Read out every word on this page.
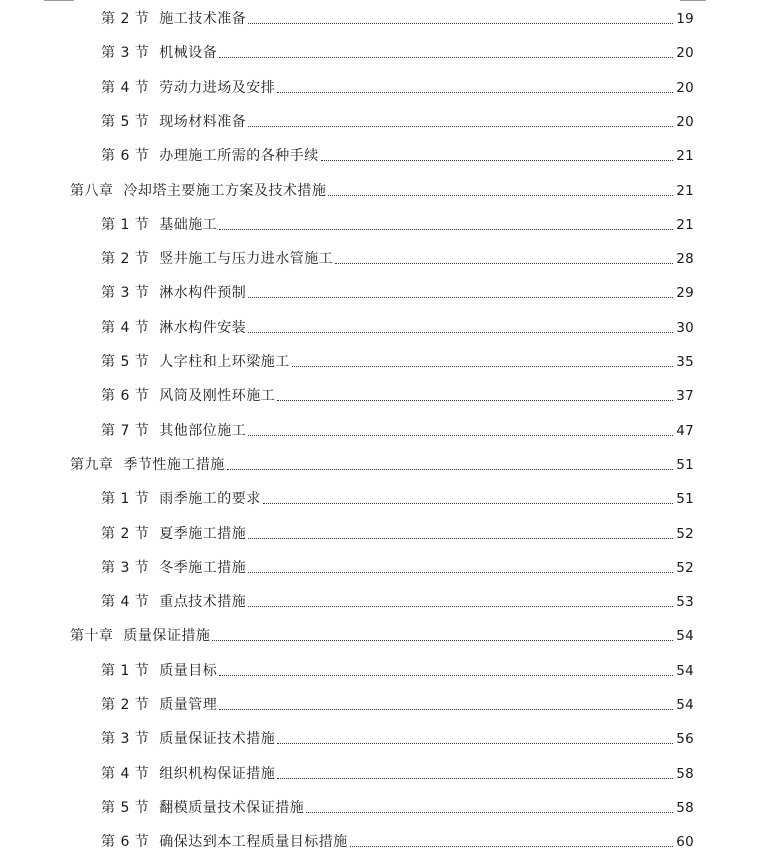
第 2 节  施工技术准备	19
第 3 节  机械设备	20
第 4 节  劳动力进场及安排	20
第 5 节  现场材料准备	20
第 6 节  办理施工所需的各种手续	21
第八章  冷却塔主要施工方案及技术措施	21
第 1 节  基础施工	21
第 2 节  竖井施工与压力进水管施工	28
第 3 节  淋水构件预制	29
第 4 节  淋水构件安装	30
第 5 节  人字柱和上环梁施工	35
第 6 节  风筒及刚性环施工	37
第 7 节  其他部位施工	47
第九章  季节性施工措施	51
第 1 节  雨季施工的要求	51
第 2 节  夏季施工措施	52
第 3 节  冬季施工措施	52
第 4 节  重点技术措施	53
第十章  质量保证措施	54
第 1 节  质量目标	54
第 2 节  质量管理	54
第 3 节  质量保证技术措施	56
第 4 节  组织机构保证措施	58
第 5 节  翻模质量技术保证措施	58
第 6 节  确保达到本工程质量目标措施	60
